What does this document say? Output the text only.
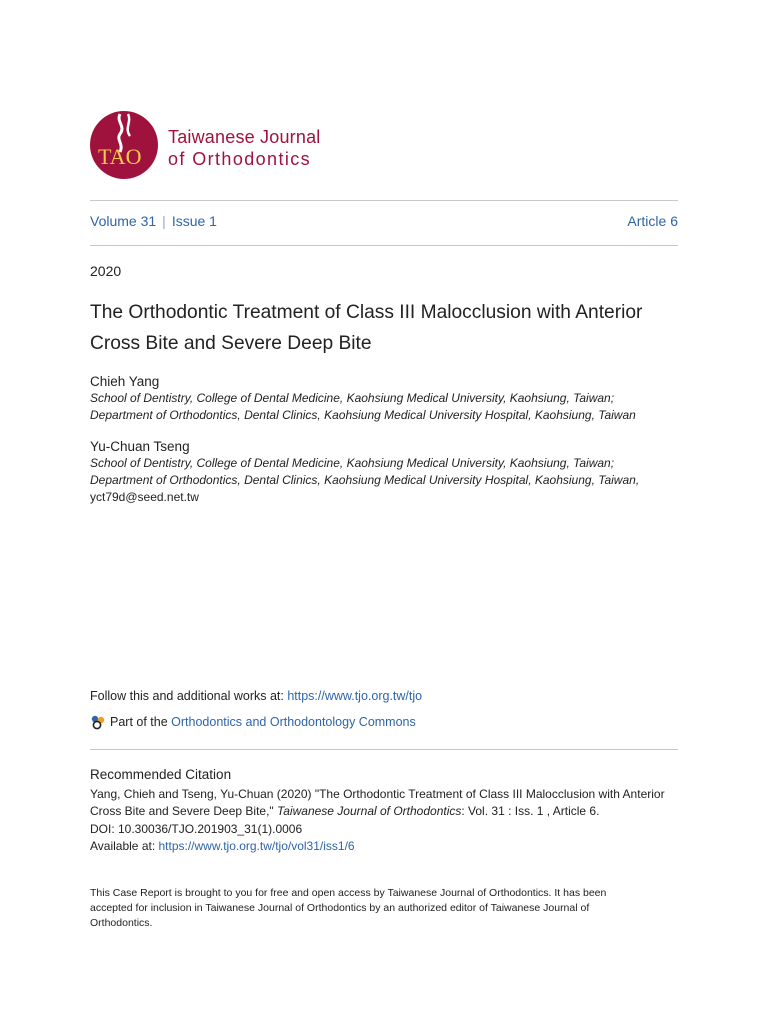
TAO
Taiwanese Journal
of Orthodontics
Volume 31 | Issue 1	Article 6
2020
The Orthodontic Treatment of Class III Malocclusion with Anterior Cross Bite and Severe Deep Bite
Chieh Yang
School of Dentistry, College of Dental Medicine, Kaohsiung Medical University, Kaohsiung, Taiwan;
Department of Orthodontics, Dental Clinics, Kaohsiung Medical University Hospital, Kaohsiung, Taiwan
Yu-Chuan Tseng
School of Dentistry, College of Dental Medicine, Kaohsiung Medical University, Kaohsiung, Taiwan;
Department of Orthodontics, Dental Clinics, Kaohsiung Medical University Hospital, Kaohsiung, Taiwan,
yct79d@seed.net.tw
Follow this and additional works at: https://www.tjo.org.tw/tjo
Part of the
Orthodontics and Orthodontology Commons
Recommended Citation
Yang, Chieh and Tseng, Yu-Chuan (2020) "The Orthodontic Treatment of Class III Malocclusion with Anterior Cross Bite and Severe Deep Bite," Taiwanese Journal of Orthodontics: Vol. 31 : Iss. 1 , Article 6.
DOI: 10.30036/TJO.201903_31(1).0006
Available at: https://www.tjo.org.tw/tjo/vol31/iss1/6
This Case Report is brought to you for free and open access by Taiwanese Journal of Orthodontics. It has been accepted for inclusion in Taiwanese Journal of Orthodontics by an authorized editor of Taiwanese Journal of Orthodontics.
